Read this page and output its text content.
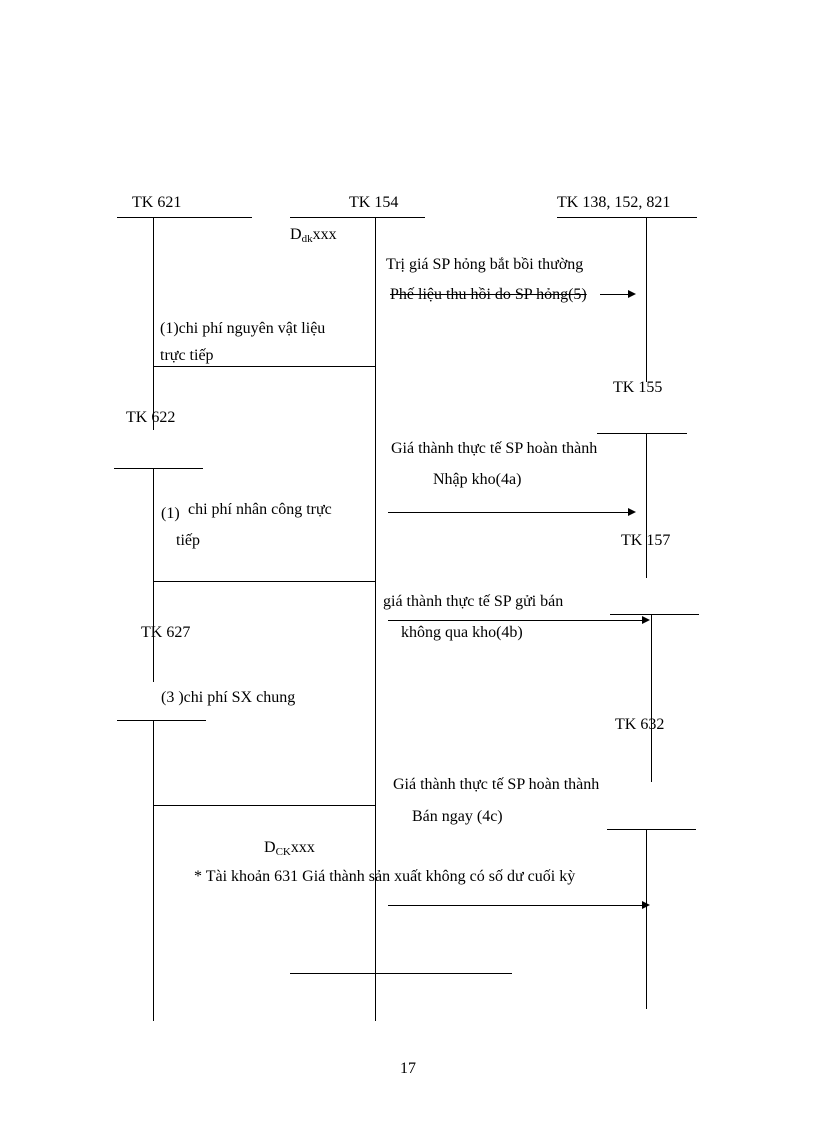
TK 621	TK 154	TK 138, 152, 821
$D_{dk}xxx$
Trị giá SP hỏng bắt bồi thường
Phế liệu thu hồi do SP hỏng(5)
(1)chi phí nguyên vật liệu
trực tiếp
TK 155
TK 622
Giá thành thực tế SP hoàn thành
Nhập kho(4a)
(1) chi phí nhân công trực
tiếp	TK 157
giá thành thực tế SP gửi bán
không qua kho(4b)
TK 627
(3 )chi phí SX chung
TK 632
Giá thành thực tế SP hoàn thành
Bán ngay (4c)
$D_{CK}xxx$
* Tài khoản 631 Giá thành sản xuất không có số dư cuối kỳ
17
